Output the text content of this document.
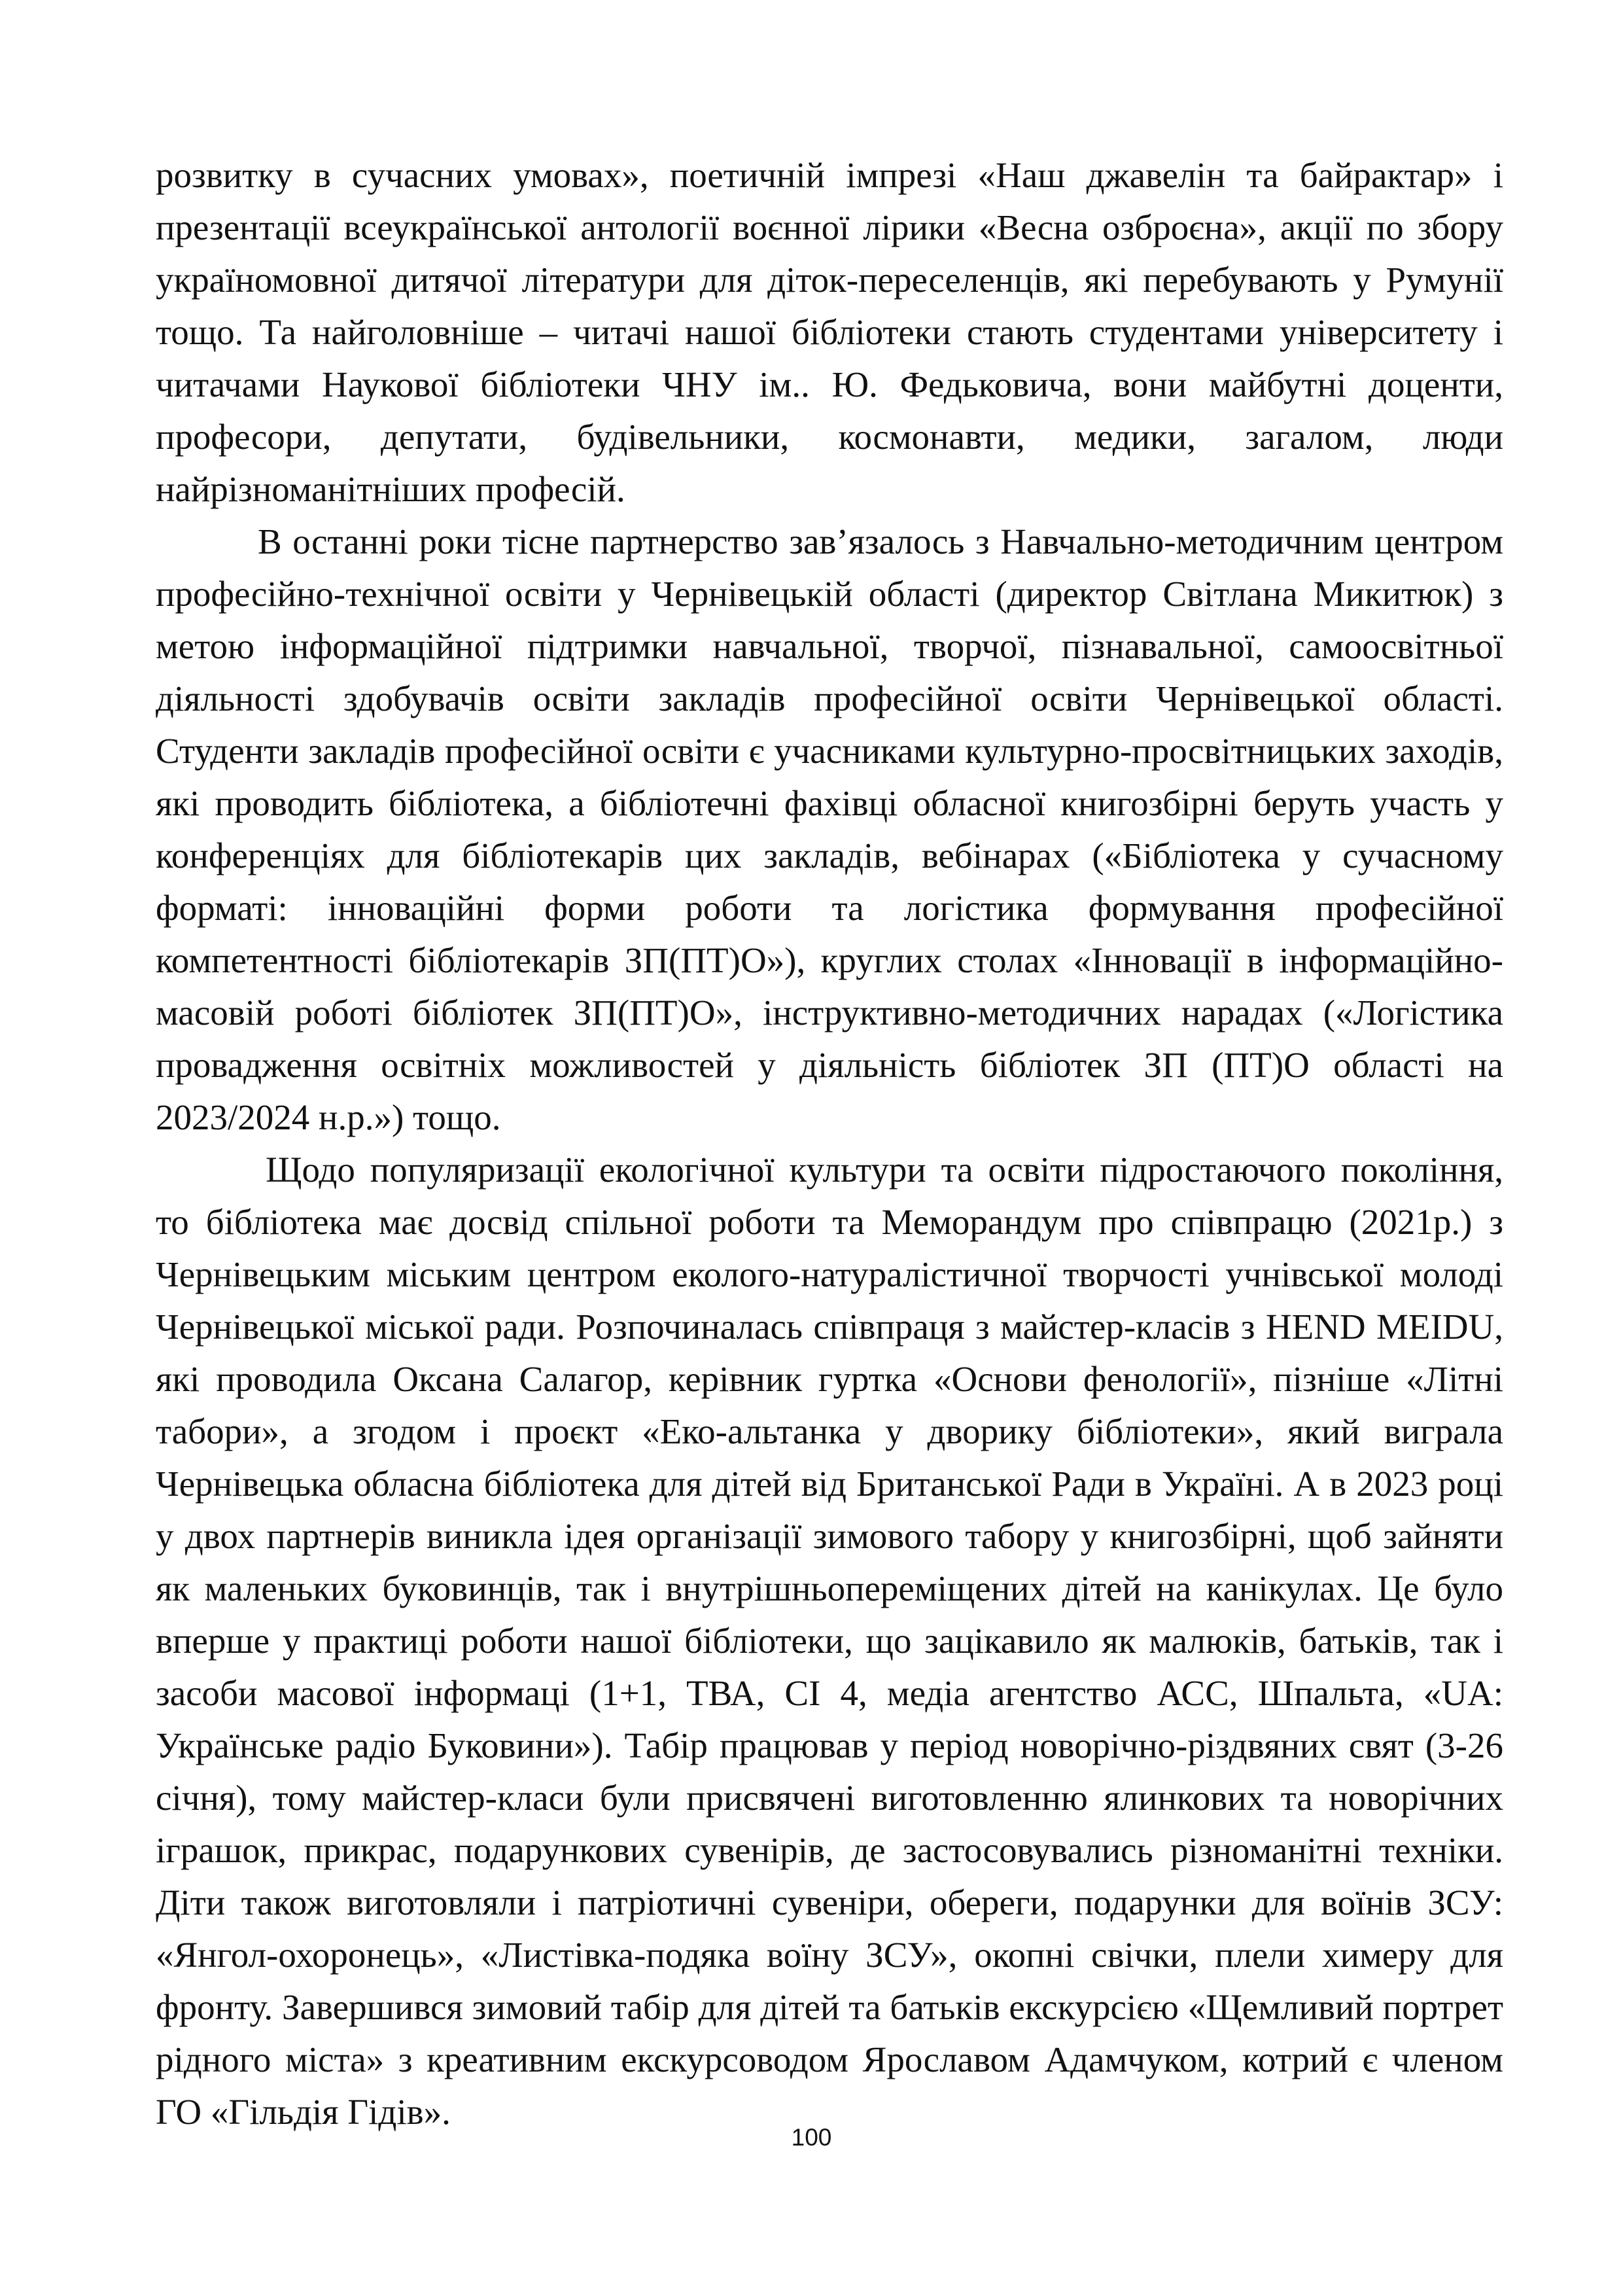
розвитку в сучасних умовах», поетичній імпрезі «Наш джавелін та байрактар» і презентації всеукраїнської антології воєнної лірики «Весна озброєна», акції по збору україномовної дитячої літератури для діток-переселенців, які перебувають у Румунії тощо. Та найголовніше – читачі нашої бібліотеки стають студентами університету і читачами Наукової бібліотеки ЧНУ ім.. Ю. Федьковича, вони майбутні доценти, професори, депутати, будівельники, космонавти, медики, загалом, люди найрізноманітніших професій.

В останні роки тісне партнерство зав’язалось з Навчально-методичним центром професійно-технічної освіти у Чернівецькій області (директор Світлана Микитюк) з метою інформаційної підтримки навчальної, творчої, пізнавальної, самоосвітньої діяльності здобувачів освіти закладів професійної освіти Чернівецької області. Студенти закладів професійної освіти є учасниками культурно-просвітницьких заходів, які проводить бібліотека, а бібліотечні фахівці обласної книгозбірні беруть участь у конференціях для бібліотекарів цих закладів, вебінарах («Бібліотека у сучасному форматі: інноваційні форми роботи та логістика формування професійної компетентності бібліотекарів ЗП(ПТ)О»), круглих столах «Інновації в інформаційно-масовій роботі бібліотек ЗП(ПТ)О», інструктивно-методичних нарадах («Логістика провадження освітніх можливостей у діяльність бібліотек ЗП (ПТ)О області на 2023/2024 н.р.») тощо.

Щодо популяризації екологічної культури та освіти підростаючого покоління, то бібліотека має досвід спільної роботи та Меморандум про співпрацю (2021р.) з Чернівецьким міським центром еколого-натуралістичної творчості учнівської молоді Чернівецької міської ради. Розпочиналась співпраця з майстер-класів з HEND MEIDU, які проводила Оксана Салагор, керівник гуртка «Основи фенології», пізніше «Літні табори», а згодом і проєкт «Еко-альтанка у дворику бібліотеки», який виграла Чернівецька обласна бібліотека для дітей від Британської Ради в Україні. А в 2023 році у двох партнерів виникла ідея організації зимового табору у книгозбірні, щоб зайняти як маленьких буковинців, так і внутрішньопереміщених дітей на канікулах. Це було вперше у практиці роботи нашої бібліотеки, що зацікавило як малюків, батьків, так і засоби масової інформаці (1+1, ТВА, СІ 4, медіа агентство АСС, Шпальта, «UA: Українське радіо Буковини»). Табір працював у період новорічно-різдвяних свят (3-26 січня), тому майстер-класи були присвячені виготовленню ялинкових та новорічних іграшок, прикрас, подарункових сувенірів, де застосовувались різноманітні техніки. Діти також виготовляли і патріотичні сувеніри, обереги, подарунки для воїнів ЗСУ: «Янгол-охоронець», «Листівка-подяка воїну ЗСУ», окопні свічки, плели химеру для фронту. Завершився зимовий табір для дітей та батьків екскурсією «Щемливий портрет рідного міста» з креативним екскурсоводом Ярославом Адамчуком, котрий є членом ГО «Гільдія Гідів».

100
